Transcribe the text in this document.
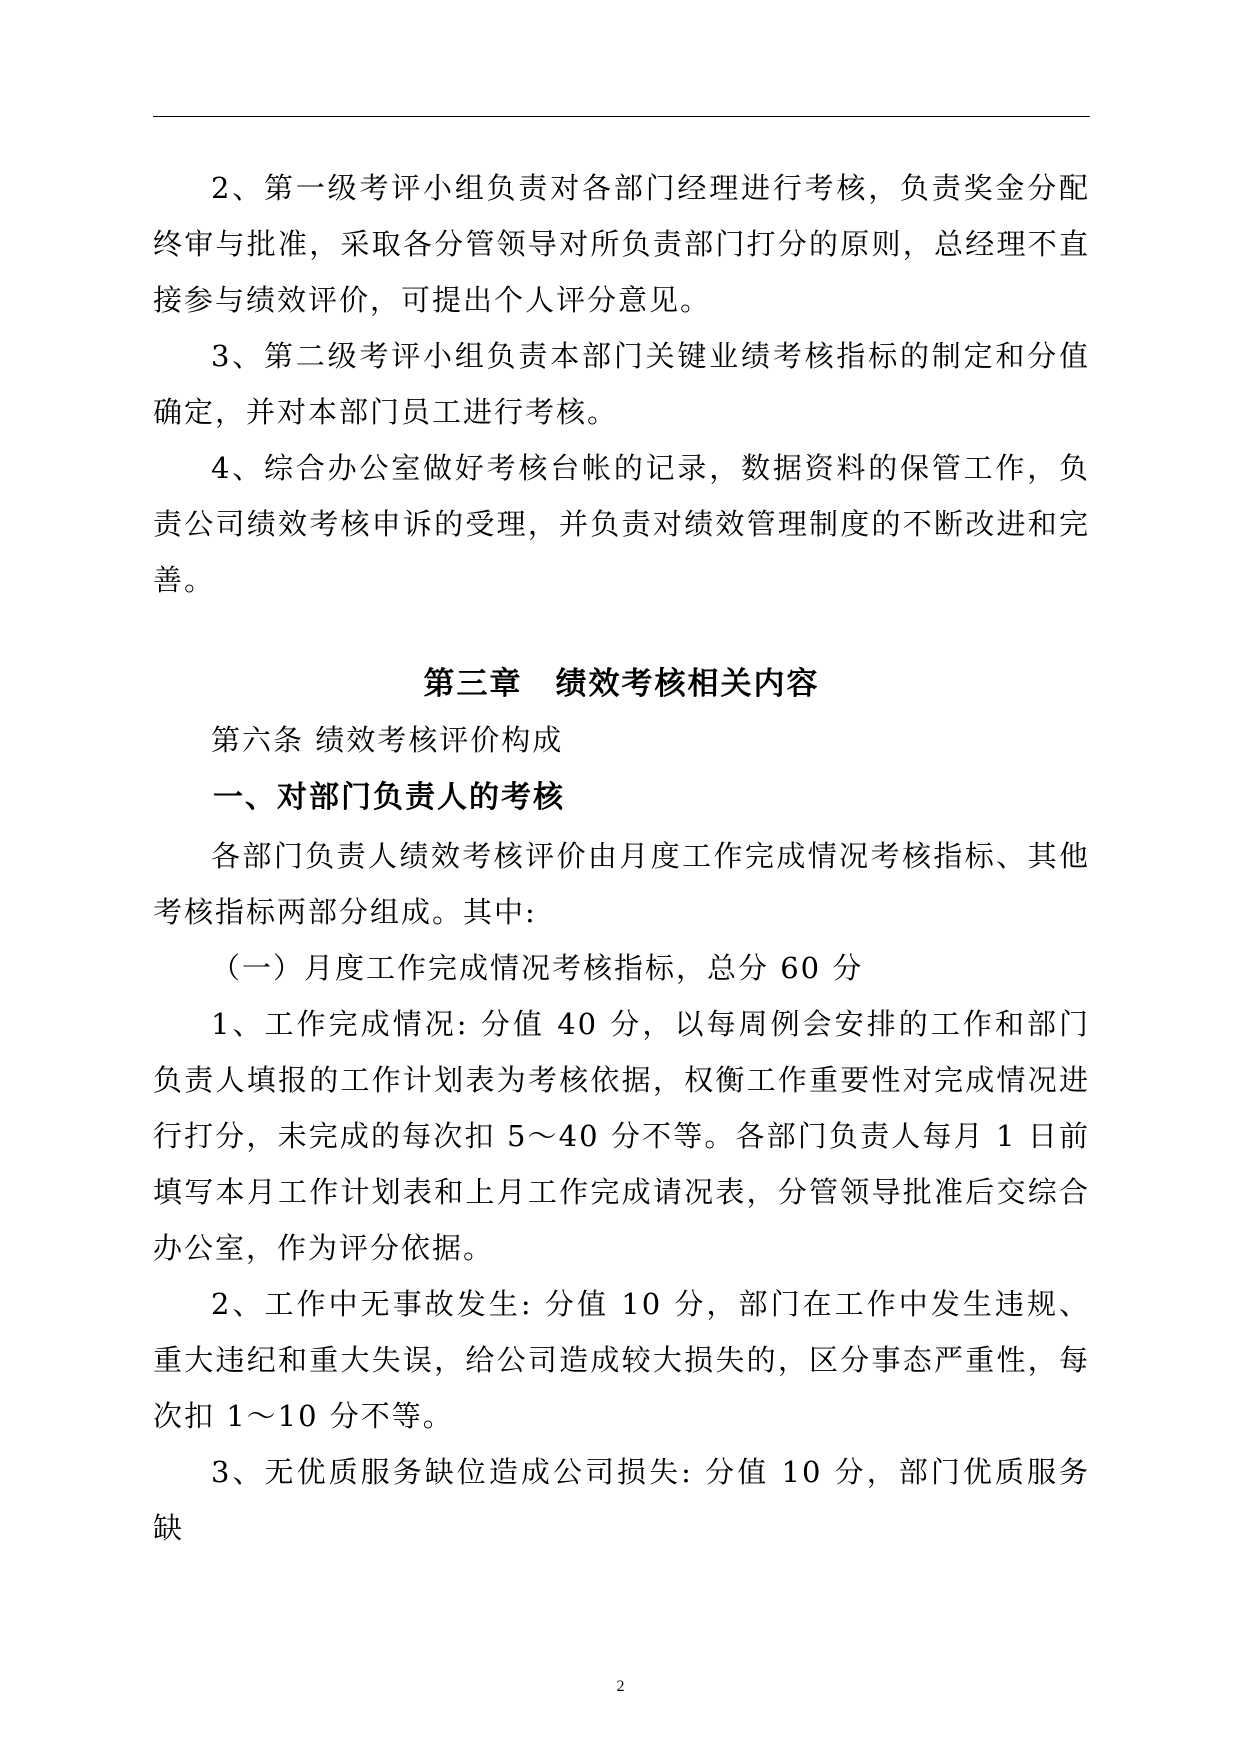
2、第一级考评小组负责对各部门经理进行考核，负责奖金分配终审与批准，采取各分管领导对所负责部门打分的原则，总经理不直接参与绩效评价，可提出个人评分意见。

3、第二级考评小组负责本部门关键业绩考核指标的制定和分值确定，并对本部门员工进行考核。

4、综合办公室做好考核台帐的记录，数据资料的保管工作，负责公司绩效考核申诉的受理，并负责对绩效管理制度的不断改进和完善。

第三章　绩效考核相关内容

第六条 绩效考核评价构成

一、对部门负责人的考核

各部门负责人绩效考核评价由月度工作完成情况考核指标、其他考核指标两部分组成。其中:

（一）月度工作完成情况考核指标，总分 60 分

1、工作完成情况: 分值 40 分，以每周例会安排的工作和部门负责人填报的工作计划表为考核依据，权衡工作重要性对完成情况进行打分，未完成的每次扣 5～40 分不等。各部门负责人每月 1 日前填写本月工作计划表和上月工作完成请况表，分管领导批准后交综合办公室，作为评分依据。

2、工作中无事故发生: 分值 10 分，部门在工作中发生违规、重大违纪和重大失误，给公司造成较大损失的，区分事态严重性，每次扣 1～10 分不等。

3、无优质服务缺位造成公司损失: 分值 10 分，部门优质服务缺

2
